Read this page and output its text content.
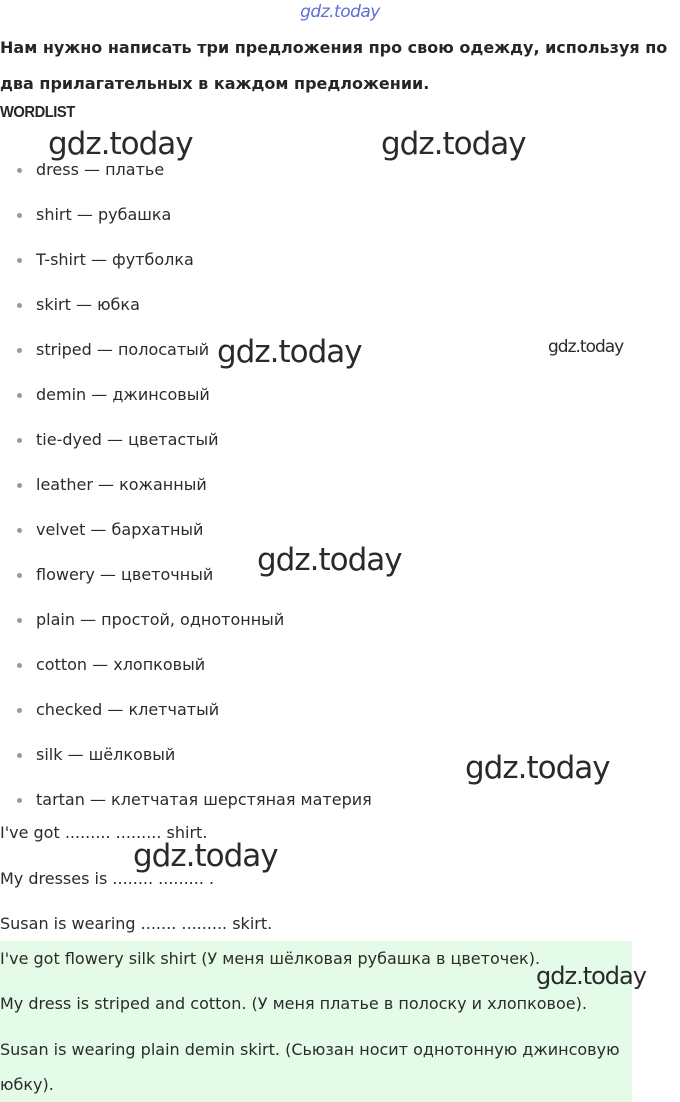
gdz.today

Нам нужно написать три предложения про свою одежду, используя по два прилагательных в каждом предложении.

WORDLIST
dress — платье
shirt — рубашка
T-shirt — футболка
skirt — юбка
striped — полосатый
demin — джинсовый
tie-dyed — цветастый
leather — кожанный
velvet — бархатный
flowery — цветочный
plain — простой, однотонный
cotton — хлопковый
checked — клетчатый
silk — шёлковый
tartan — клетчатая шерстяная материя
I've got ......... ......... shirt.
My dresses is ........ ......... .
Susan is wearing ....... ......... skirt.
I've got flowery silk shirt (У меня шёлковая рубашка в цветочек).
My dress is striped and cotton. (У меня платье в полоску и хлопковое).
Susan is wearing plain demin skirt. (Сьюзан носит однотонную джинсовую
юбку).
gdz.today	gdz.today
gdz.today	gdz.today
gdz.today
gdz.today
gdz.today
gdz.today
